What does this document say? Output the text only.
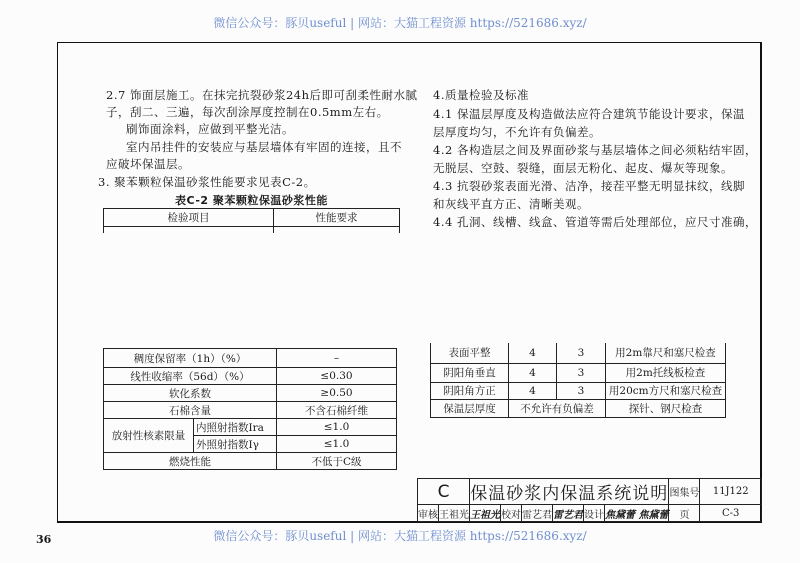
微信公众号：豚贝useful | 网站：大猫工程资源 https://521686.xyz/
微信公众号：豚贝useful | 网站：大猫工程资源 https://521686.xyz/
36
2.7 饰面层施工。在抹完抗裂砂浆24h后即可刮柔性耐水腻
子，刮二、三遍，每次刮涂厚度控制在0.5mm左右。
刷饰面涂料，应做到平整光洁。
室内吊挂件的安装应与基层墙体有牢固的连接，且不
应破坏保温层。
3. 聚苯颗粒保温砂浆性能要求见表C-2。
表C-2 聚苯颗粒保温砂浆性能
检验项目	性能要求

稠度保留率（1h）（%）		–
线性收缩率（56d）（%）		≤0.30
软化系数		≥0.50
石棉含量		不含石棉纤维
放射性核素限量	内照射指数Ira	≤1.0
	外照射指数Iγ	≤1.0
燃烧性能		不低于C级
4.质量检验及标准
4.1 保温层厚度及构造做法应符合建筑节能设计要求，保温
层厚度均匀，不允许有负偏差。
4.2 各构造层之间及界面砂浆与基层墙体之间必须粘结牢固，
无脱层、空鼓、裂缝，面层无粉化、起皮、爆灰等现象。
4.3 抗裂砂浆表面光滑、洁净，接茬平整无明显抹纹，线脚
和灰线平直方正、清晰美观。
4.4 孔洞、线槽、线盒、管道等需后处理部位，应尺寸准确，
表面平整	4	3	用2m靠尺和塞尺检查
阴阳角垂直	4	3	用2m托线板检查
阴阳角方正	4	3	用20cm方尺和塞尺检查
保温层厚度	不允许有负偏差		探针、钢尺检查
C		保温砂浆内保温系统说明						图集号	11J122
审核	王祖光	王祖光	校对	雷艺君	雷艺君	设计	焦黛蕾 焦黛蕾	页	C-3
